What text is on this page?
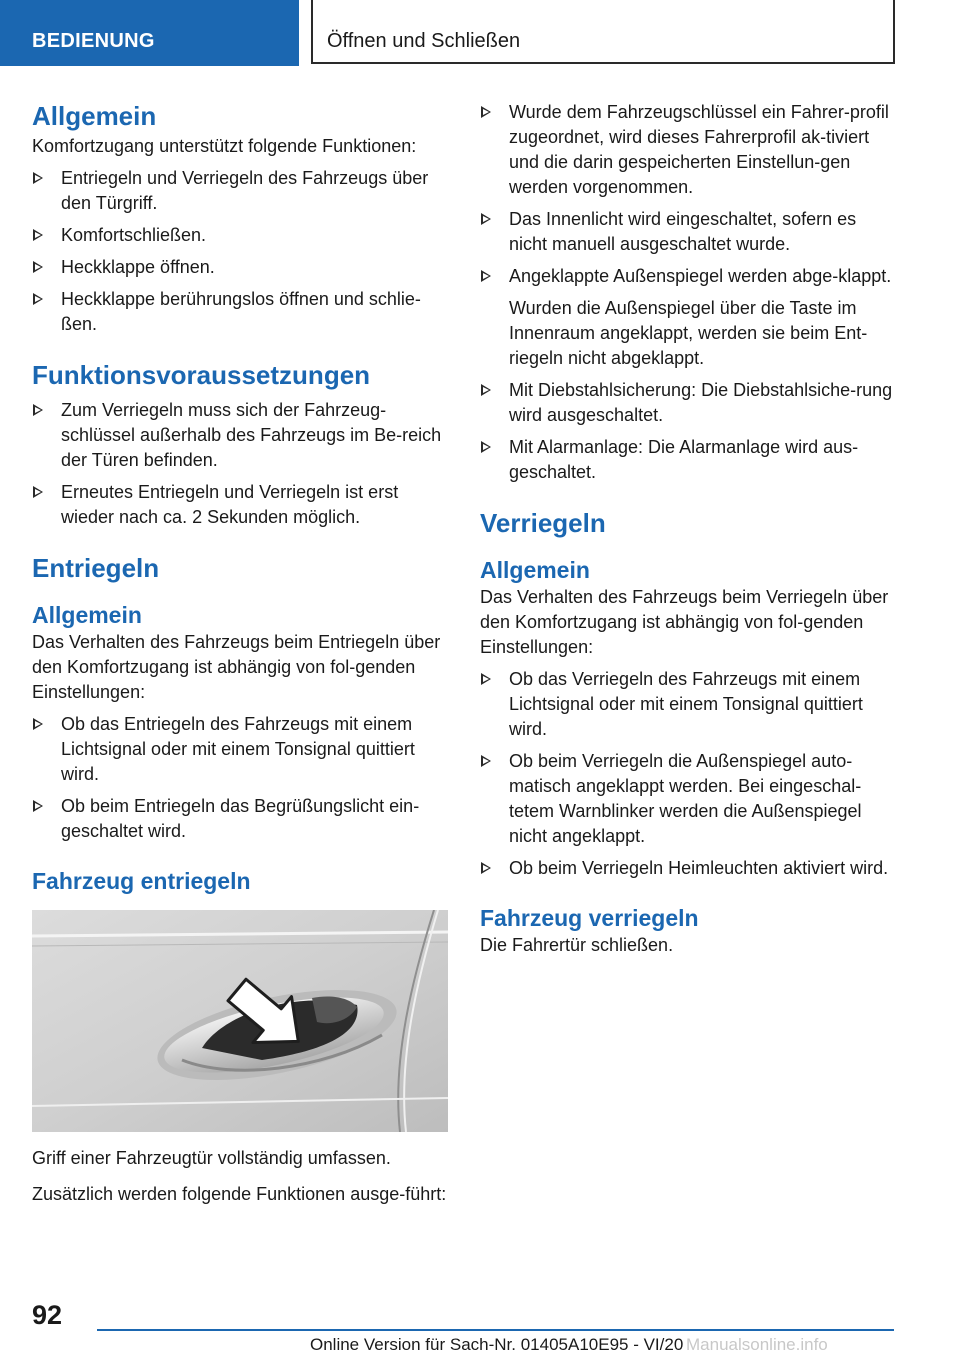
BEDIENUNG	Öffnen und Schließen
Allgemein

Komfortzugang unterstützt folgende Funktionen:

Entriegeln und Verriegeln des Fahrzeugs über den Türgriff.
Komfortschließen.
Heckklappe öffnen.
Heckklappe berührungslos öffnen und schlie-ßen.
Funktionsvoraussetzungen
Zum Verriegeln muss sich der Fahrzeug-schlüssel außerhalb des Fahrzeugs im Be-reich der Türen befinden.
Erneutes Entriegeln und Verriegeln ist erst wieder nach ca. 2 Sekunden möglich.
Entriegeln
Allgemein

Das Verhalten des Fahrzeugs beim Entriegeln über den Komfortzugang ist abhängig von fol-genden Einstellungen:

Ob das Entriegeln des Fahrzeugs mit einem Lichtsignal oder mit einem Tonsignal quittiert wird.
Ob beim Entriegeln das Begrüßungslicht ein-geschaltet wird.
Fahrzeug entriegeln

Griff einer Fahrzeugtür vollständig umfassen.

Zusätzlich werden folgende Funktionen ausge-führt:

Wurde dem Fahrzeugschlüssel ein Fahrer-profil zugeordnet, wird dieses Fahrerprofil ak-tiviert und die darin gespeicherten Einstellun-gen werden vorgenommen.
Das Innenlicht wird eingeschaltet, sofern es nicht manuell ausgeschaltet wurde.
Angeklappte Außenspiegel werden abge-klappt.

Wurden die Außenspiegel über die Taste im Innenraum angeklappt, werden sie beim Ent-riegeln nicht abgeklappt.

Mit Diebstahlsicherung: Die Diebstahlsiche-rung wird ausgeschaltet.
Mit Alarmanlage: Die Alarmanlage wird aus-geschaltet.
Verriegeln
Allgemein

Das Verhalten des Fahrzeugs beim Verriegeln über den Komfortzugang ist abhängig von fol-genden Einstellungen:

Ob das Verriegeln des Fahrzeugs mit einem Lichtsignal oder mit einem Tonsignal quittiert wird.
Ob beim Verriegeln die Außenspiegel auto-matisch angeklappt werden. Bei eingeschal-tetem Warnblinker werden die Außenspiegel nicht angeklappt.
Ob beim Verriegeln Heimleuchten aktiviert wird.
Fahrzeug verriegeln

Die Fahrertür schließen.

92
Online Version für Sach-Nr. 01405A10E95 - VI/20 Manualsonline.info
